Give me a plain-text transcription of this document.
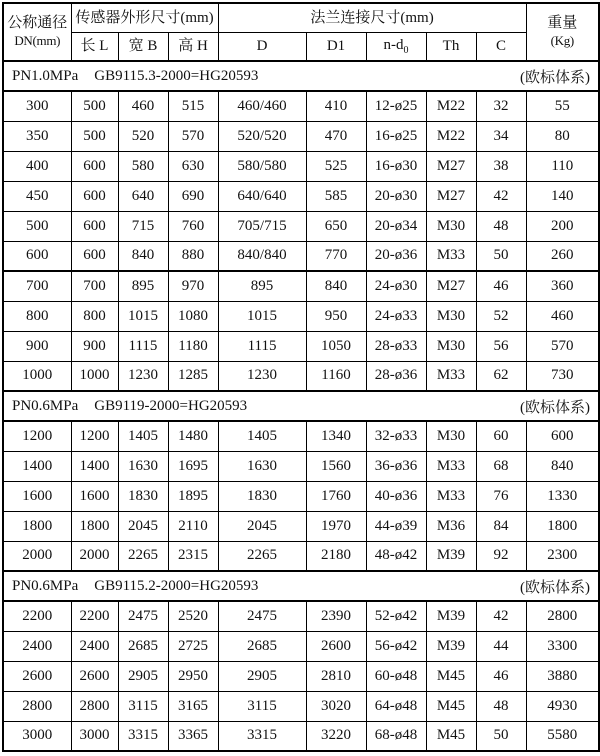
公称通径
DN(mm)
	传感器外形尺寸(mm)	法兰连接尺寸(mm)	重量
(Kg)

	长 L	宽 B	高 H	D	D1	$n-d_0$	Th	C	

PN1.0MPa GB9115.3-2000=HG20593 (欧标体系)									

300	500	460	515	460/460	410	12-ø25	M22	32	55
350	500	520	570	520/520	470	16-ø25	M22	34	80
400	600	580	630	580/580	525	16-ø30	M27	38	110
450	600	640	690	640/640	585	20-ø30	M27	42	140
500	600	715	760	705/715	650	20-ø34	M30	48	200
600	600	840	880	840/840	770	20-ø36	M33	50	260
700	700	895	970	895	840	24-ø30	M27	46	360
800	800	1015	1080	1015	950	24-ø33	M30	52	460
900	900	1115	1180	1115	1050	28-ø33	M30	56	570
1000	1000	1230	1285	1230	1160	28-ø36	M33	62	730

PN0.6MPa GB9119-2000=HG20593 (欧标体系)									

1200	1200	1405	1480	1405	1340	32-ø33	M30	60	600
1400	1400	1630	1695	1630	1560	36-ø36	M33	68	840
1600	1600	1830	1895	1830	1760	40-ø36	M33	76	1330
1800	1800	2045	2110	2045	1970	44-ø39	M36	84	1800
2000	2000	2265	2315	2265	2180	48-ø42	M39	92	2300

PN0.6MPa GB9115.2-2000=HG20593 (欧标体系)									

2200	2200	2475	2520	2475	2390	52-ø42	M39	42	2800
2400	2400	2685	2725	2685	2600	56-ø42	M39	44	3300
2600	2600	2905	2950	2905	2810	60-ø48	M45	46	3880
2800	2800	3115	3165	3115	3020	64-ø48	M45	48	4930
3000	3000	3315	3365	3315	3220	68-ø48	M45	50	5580
